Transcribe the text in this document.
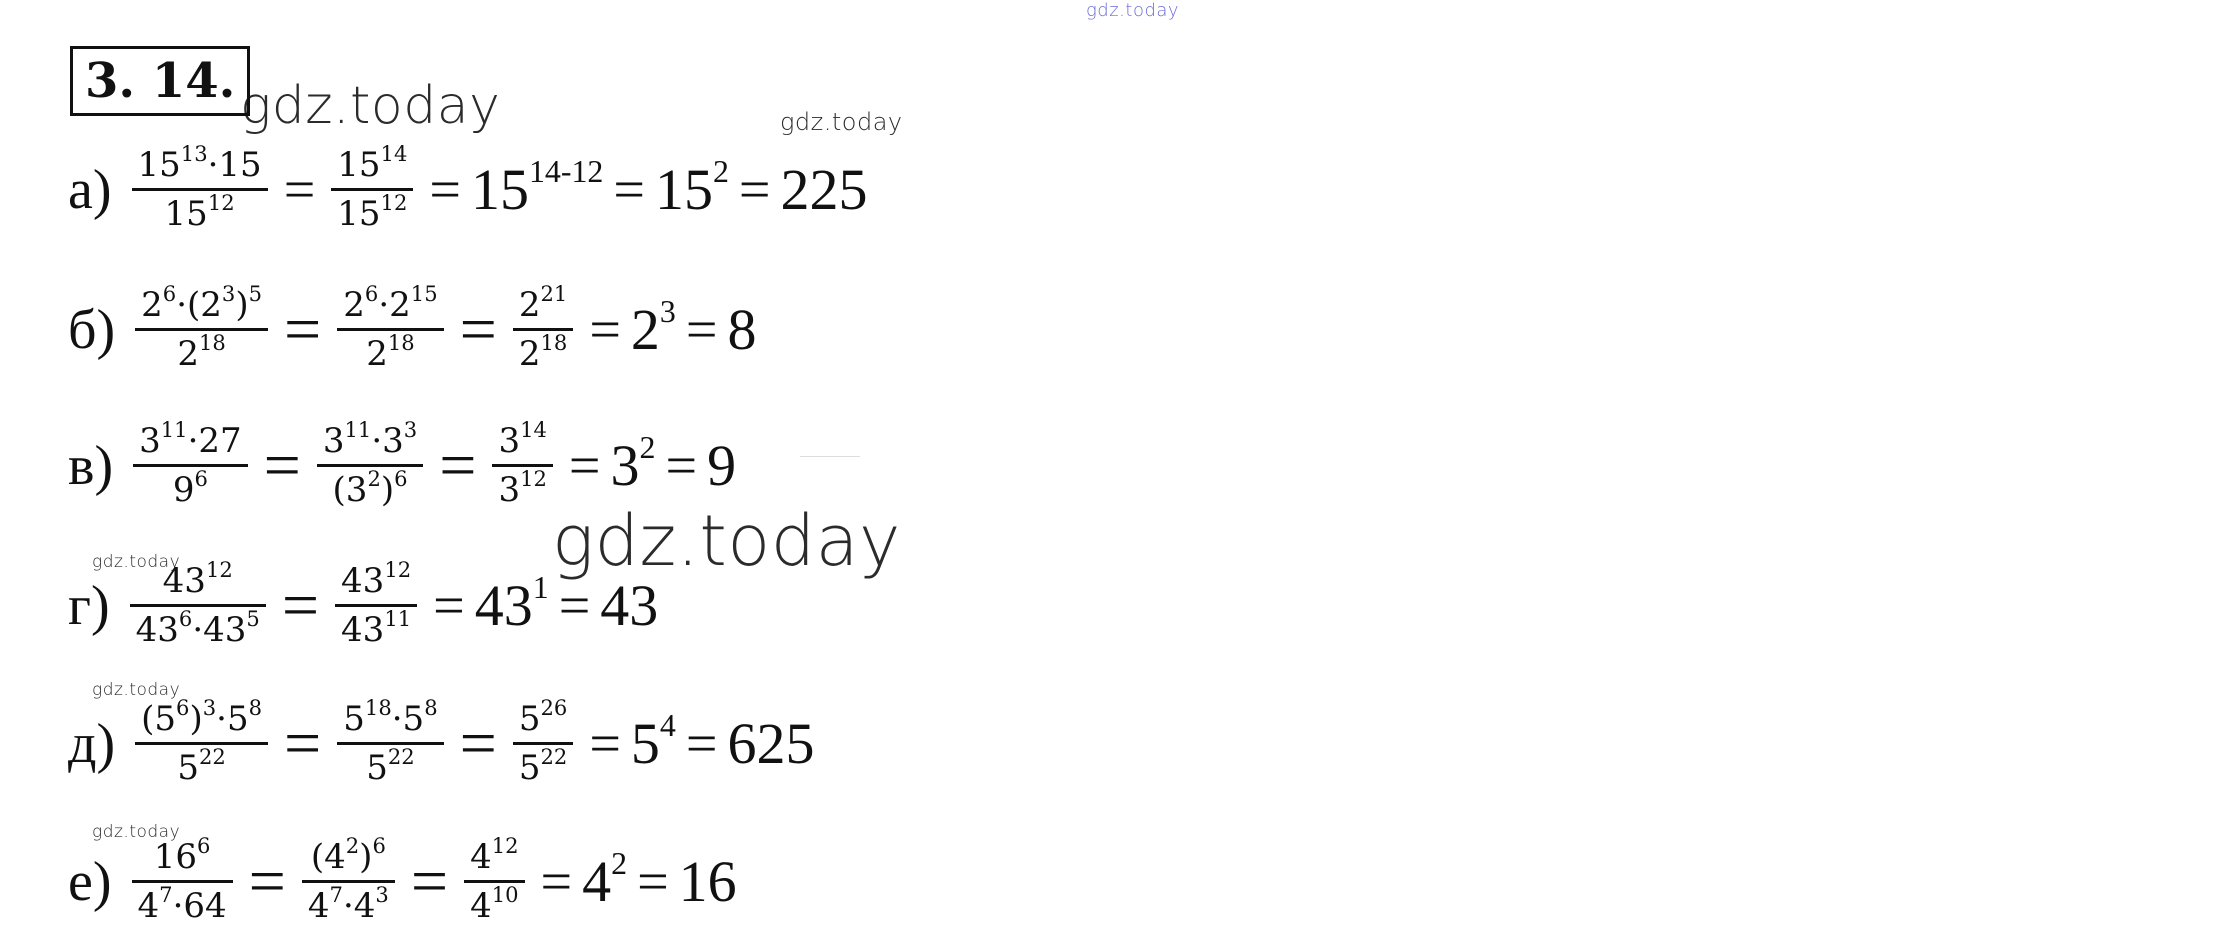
gdz.today
gdz.today	gdz.today
gdz.today
gdz.today
gdz.today
gdz.today
3. 14.
$а) \frac{15^{13}\cdot 15}{15^{12}} = \frac{15^{14}}{15^{12}} = 15^{14-12} = 15^2 = 225$
$б) \frac{2^6\cdot(2^3)^5}{2^{18}} = \frac{2^6\cdot 2^{15}}{2^{18}} = \frac{2^{21}}{2^{18}} = 2^3 = 8$
$в) \frac{3^{11}\cdot 27}{9^6} = \frac{3^{11}\cdot 3^3}{(3^2)^6} = \frac{3^{14}}{3^{12}} = 3^2 = 9$
$г) \frac{43^{12}}{43^6\cdot 43^5} = \frac{43^{12}}{43^{11}} = 43^1 = 43$
$д) \frac{(5^6)^3\cdot 5^8}{5^{22}} = \frac{5^{18}\cdot 5^8}{5^{22}} = \frac{5^{26}}{5^{22}} = 5^4 = 625$
$е) \frac{16^6}{4^7\cdot 64} = \frac{(4^2)^6}{4^7\cdot 4^3} = \frac{4^{12}}{4^{10}} = 4^2 = 16$
